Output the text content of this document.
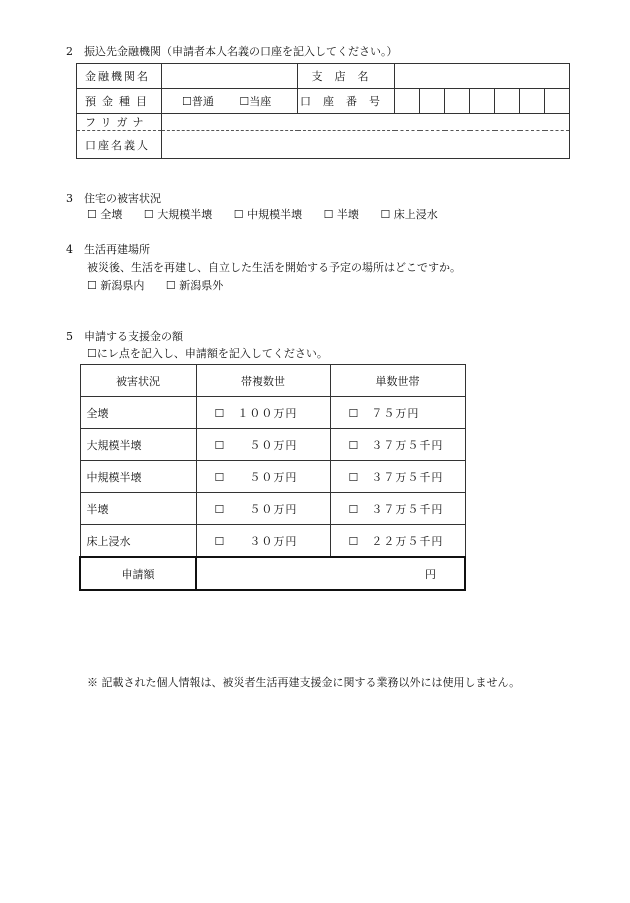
2　振込先金融機関（申請者本人名義の口座を記入してください。）
金融機関名		支店名							
預金種目	☐普通 ☐当座	口座番号							
フリガナ									
口座名義人									
3　住宅の被害状況
☐ 全壊 ☐ 大規模半壊 ☐ 中規模半壊 ☐ 半壊 ☐ 床上浸水
4　生活再建場所
被災後、生活を再建し、自立した生活を開始する予定の場所はどこですか。
☐ 新潟県内 ☐ 新潟県外
5　申請する支援金の額
☐にレ点を記入し、申請額を記入してください。
被害状況	帯複数世	単数世帯
全壊	☐　１００万円	☐　７５万円
大規模半壊	☐　　５０万円	☐　３７万５千円
中規模半壊	☐　　５０万円	☐　３７万５千円
半壊	☐　　５０万円	☐　３７万５千円
床上浸水	☐　　３０万円	☐　２２万５千円
申請額	円	
※ 記載された個人情報は、被災者生活再建支援金に関する業務以外には使用しません。
